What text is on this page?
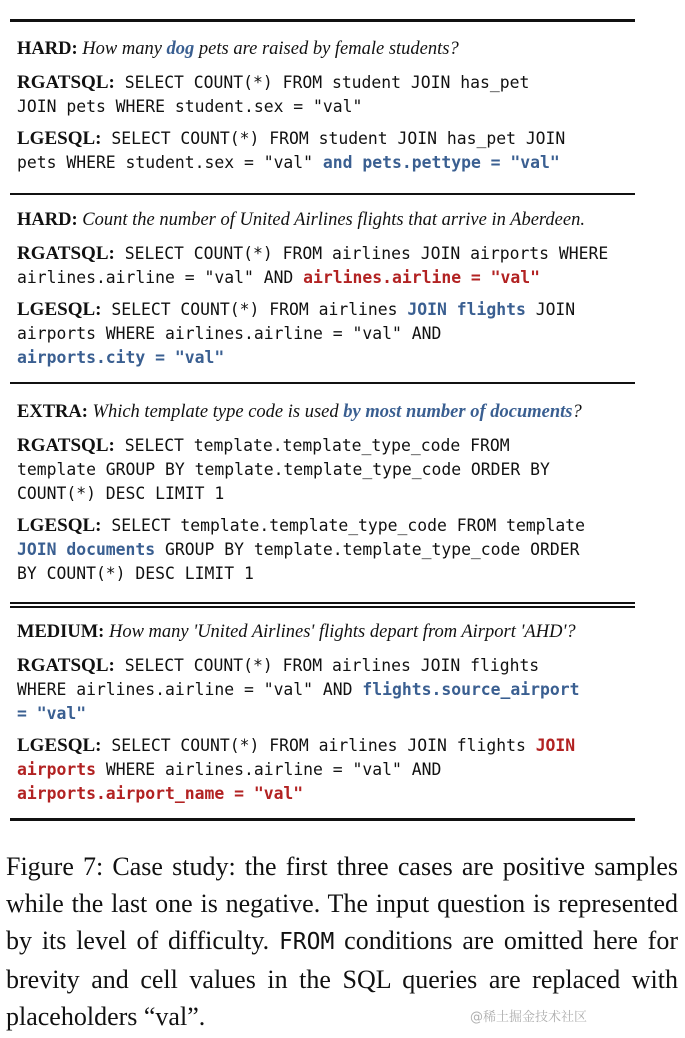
HARD: How many dog pets are raised by female students?
RGATSQL: SELECT COUNT(*) FROM student JOIN has_pet
JOIN pets WHERE student.sex = "val"
LGESQL: SELECT COUNT(*) FROM student JOIN has_pet JOIN
pets WHERE student.sex = "val" and pets.pettype = "val"
HARD: Count the number of United Airlines flights that arrive in Aberdeen.
RGATSQL: SELECT COUNT(*) FROM airlines JOIN airports WHERE
airlines.airline = "val" AND airlines.airline = "val"
LGESQL: SELECT COUNT(*) FROM airlines JOIN flights JOIN
airports WHERE airlines.airline = "val" AND
airports.city = "val"
EXTRA: Which template type code is used by most number of documents?
RGATSQL: SELECT template.template_type_code FROM
template GROUP BY template.template_type_code ORDER BY
COUNT(*) DESC LIMIT 1
LGESQL: SELECT template.template_type_code FROM template
JOIN documents GROUP BY template.template_type_code ORDER
BY COUNT(*) DESC LIMIT 1
MEDIUM: How many 'United Airlines' flights depart from Airport 'AHD'?
RGATSQL: SELECT COUNT(*) FROM airlines JOIN flights
WHERE airlines.airline = "val" AND flights.source_airport
= "val"
LGESQL: SELECT COUNT(*) FROM airlines JOIN flights JOIN
airports WHERE airlines.airline = "val" AND
airports.airport_name = "val"
Figure 7: Case study: the first three cases are positive samples while the last one is negative. The input question is represented by its level of difficulty. FROM conditions are omitted here for brevity and cell values in the SQL queries are replaced with placeholders “val”.	@稀土掘金技术社区
